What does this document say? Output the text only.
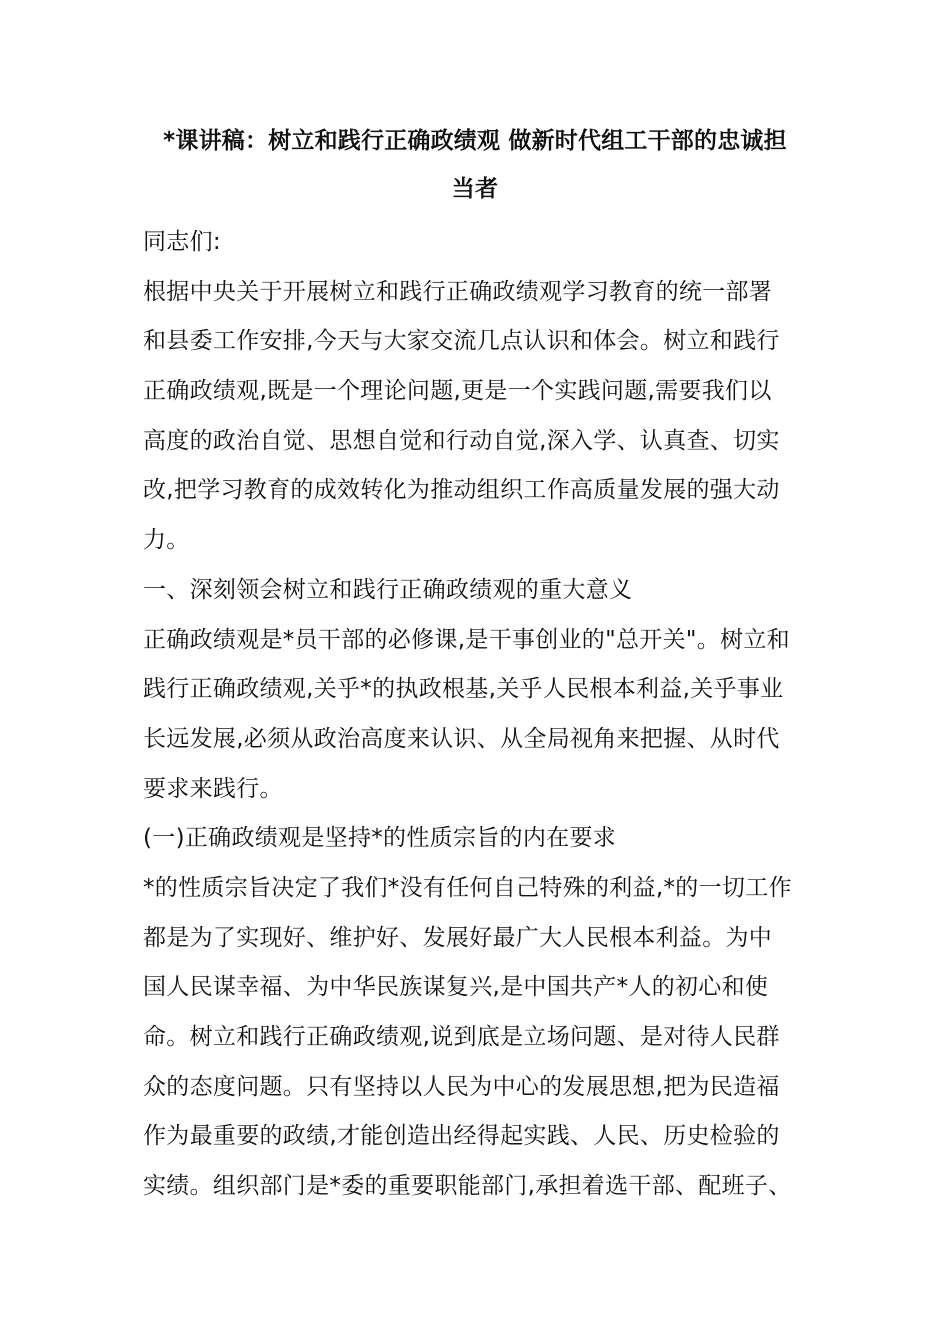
*课讲稿：树立和践行正确政绩观 做新时代组工干部的忠诚担
当者
同志们:
根据中央关于开展树立和践行正确政绩观学习教育的统一部署
和县委工作安排,今天与大家交流几点认识和体会。树立和践行
正确政绩观,既是一个理论问题,更是一个实践问题,需要我们以
高度的政治自觉、思想自觉和行动自觉,深入学、认真查、切实
改,把学习教育的成效转化为推动组织工作高质量发展的强大动
力。
一、深刻领会树立和践行正确政绩观的重大意义
正确政绩观是*员干部的必修课,是干事创业的"总开关"。树立和
践行正确政绩观,关乎*的执政根基,关乎人民根本利益,关乎事业
长远发展,必须从政治高度来认识、从全局视角来把握、从时代
要求来践行。
(一)正确政绩观是坚持*的性质宗旨的内在要求
*的性质宗旨决定了我们*没有任何自己特殊的利益,*的一切工作
都是为了实现好、维护好、发展好最广大人民根本利益。为中
国人民谋幸福、为中华民族谋复兴,是中国共产*人的初心和使
命。树立和践行正确政绩观,说到底是立场问题、是对待人民群
众的态度问题。只有坚持以人民为中心的发展思想,把为民造福
作为最重要的政绩,才能创造出经得起实践、人民、历史检验的
实绩。组织部门是*委的重要职能部门,承担着选干部、配班子、
